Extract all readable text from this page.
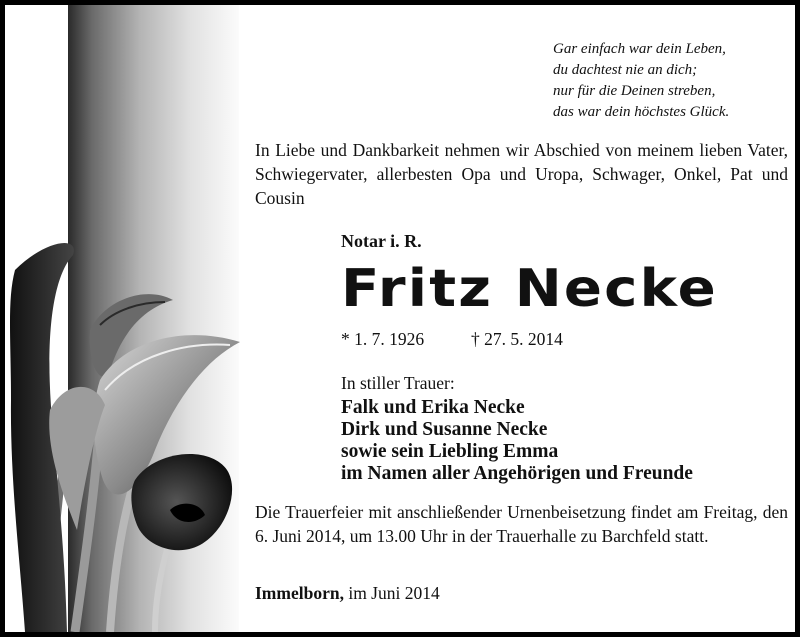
Gar einfach war dein Leben,
du dachtest nie an dich;
nur für die Deinen streben,
das war dein höchstes Glück.
In Liebe und Dankbarkeit nehmen wir Abschied von meinem lieben Vater, Schwiegervater, allerbesten Opa und Uropa, Schwager, Onkel, Pat und Cousin
Notar i. R.
Fritz Necke
* 1. 7. 1926	† 27. 5. 2014
In stiller Trauer:
Falk und Erika Necke
Dirk und Susanne Necke
sowie sein Liebling Emma
im Namen aller Angehörigen und Freunde
Die Trauerfeier mit anschließender Urnenbeisetzung findet am Freitag, den 6. Juni 2014, um 13.00 Uhr in der Trauerhalle zu Barchfeld statt.
Immelborn, im Juni 2014
